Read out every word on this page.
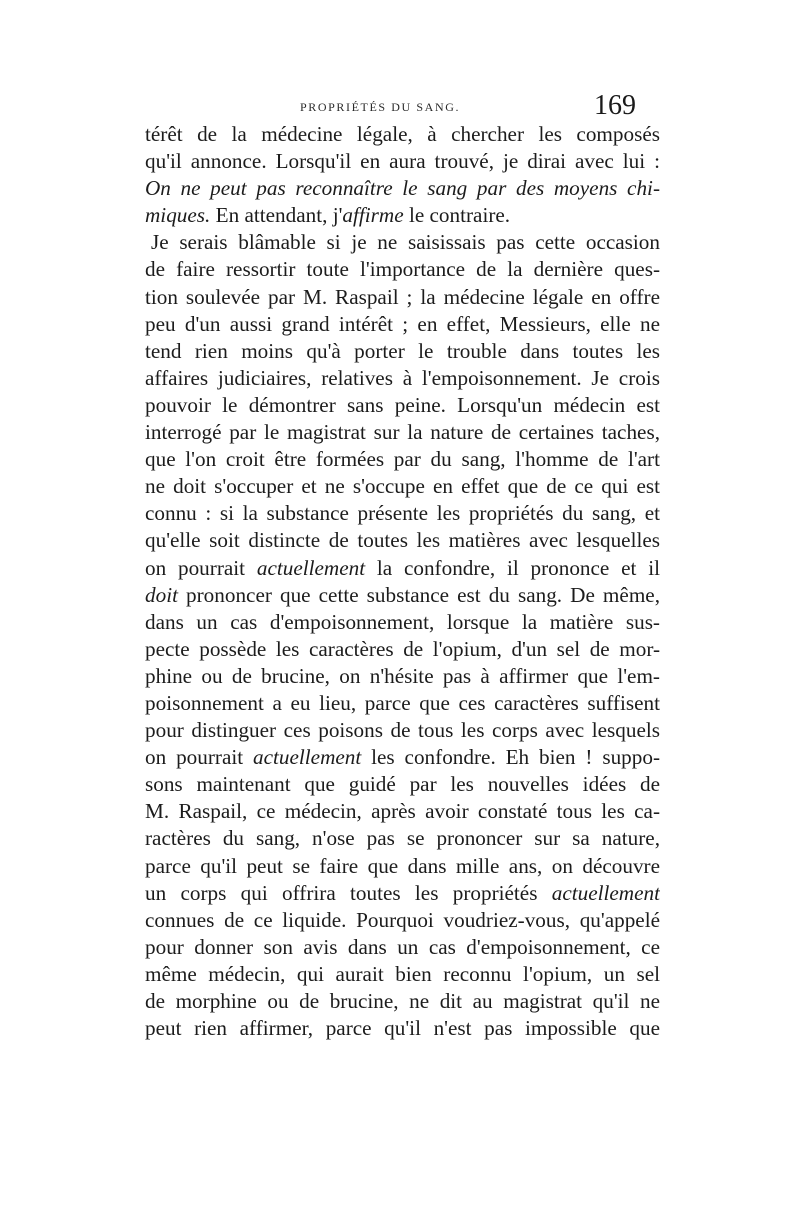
PROPRIÉTÉS DU SANG.	169
térêt de la médecine légale, à chercher les composés
qu'il annonce. Lorsqu'il en aura trouvé, je dirai avec lui :
On ne peut pas reconnaître le sang par des moyens chi-
miques. En attendant, j'affirme le contraire.
Je serais blâmable si je ne saisissais pas cette occasion
de faire ressortir toute l'importance de la dernière ques-
tion soulevée par M. Raspail ; la médecine légale en offre
peu d'un aussi grand intérêt ; en effet, Messieurs, elle ne
tend rien moins qu'à porter le trouble dans toutes les
affaires judiciaires, relatives à l'empoisonnement. Je crois
pouvoir le démontrer sans peine. Lorsqu'un médecin est
interrogé par le magistrat sur la nature de certaines taches,
que l'on croit être formées par du sang, l'homme de l'art
ne doit s'occuper et ne s'occupe en effet que de ce qui est
connu : si la substance présente les propriétés du sang, et
qu'elle soit distincte de toutes les matières avec lesquelles
on pourrait actuellement la confondre, il prononce et il
doit prononcer que cette substance est du sang. De même,
dans un cas d'empoisonnement, lorsque la matière sus-
pecte possède les caractères de l'opium, d'un sel de mor-
phine ou de brucine, on n'hésite pas à affirmer que l'em-
poisonnement a eu lieu, parce que ces caractères suffisent
pour distinguer ces poisons de tous les corps avec lesquels
on pourrait actuellement les confondre. Eh bien ! suppo-
sons maintenant que guidé par les nouvelles idées de
M. Raspail, ce médecin, après avoir constaté tous les ca-
ractères du sang, n'ose pas se prononcer sur sa nature,
parce qu'il peut se faire que dans mille ans, on découvre
un corps qui offrira toutes les propriétés actuellement
connues de ce liquide. Pourquoi voudriez-vous, qu'appelé
pour donner son avis dans un cas d'empoisonnement, ce
même médecin, qui aurait bien reconnu l'opium, un sel
de morphine ou de brucine, ne dit au magistrat qu'il ne
peut rien affirmer, parce qu'il n'est pas impossible que
